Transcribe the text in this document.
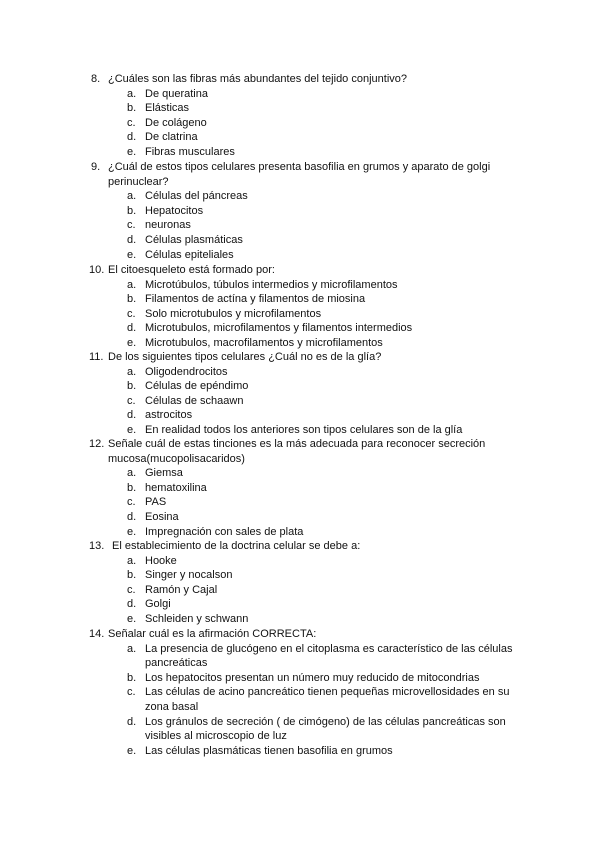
8. ¿Cuáles son las fibras más abundantes del tejido conjuntivo?
a. De queratina
b. Elásticas
c. De colágeno
d. De clatrina
e. Fibras musculares
9. ¿Cuál de estos tipos celulares presenta basofilia en grumos y aparato de golgi perinuclear?
a. Células del páncreas
b. Hepatocitos
c. neuronas
d. Células plasmáticas
e. Células epiteliales
10. El citoesqueleto está formado por:
a. Microtúbulos, túbulos intermedios y microfilamentos
b. Filamentos de actína y filamentos de miosina
c. Solo microtubulos y microfilamentos
d. Microtubulos, microfilamentos y filamentos intermedios
e. Microtubulos, macrofilamentos y microfilamentos
11. De los siguientes tipos celulares ¿Cuál no es de la glía?
a. Oligodendrocitos
b. Células de epéndimo
c. Células de schaawn
d. astrocitos
e. En realidad todos los anteriores son tipos celulares son de la glía
12. Señale cuál de estas tinciones es la más adecuada para reconocer secreción mucosa(mucopolisacaridos)
a. Giemsa
b. hematoxilina
c. PAS
d. Eosina
e. Impregnación con sales de plata
13. El establecimiento de la doctrina celular se debe a:
a. Hooke
b. Singer y nocalson
c. Ramón y Cajal
d. Golgi
e. Schleiden y schwann
14. Señalar cuál es la afirmación CORRECTA:
a. La presencia de glucógeno en el citoplasma es característico de las células pancreáticas
b. Los hepatocitos presentan un número muy reducido de mitocondrias
c. Las células de acino pancreático tienen pequeñas microvellosidades en su zona basal
d. Los gránulos de secreción ( de cimógeno) de las células pancreáticas son visibles al microscopio de luz
e. Las células plasmáticas tienen basofilia en grumos
